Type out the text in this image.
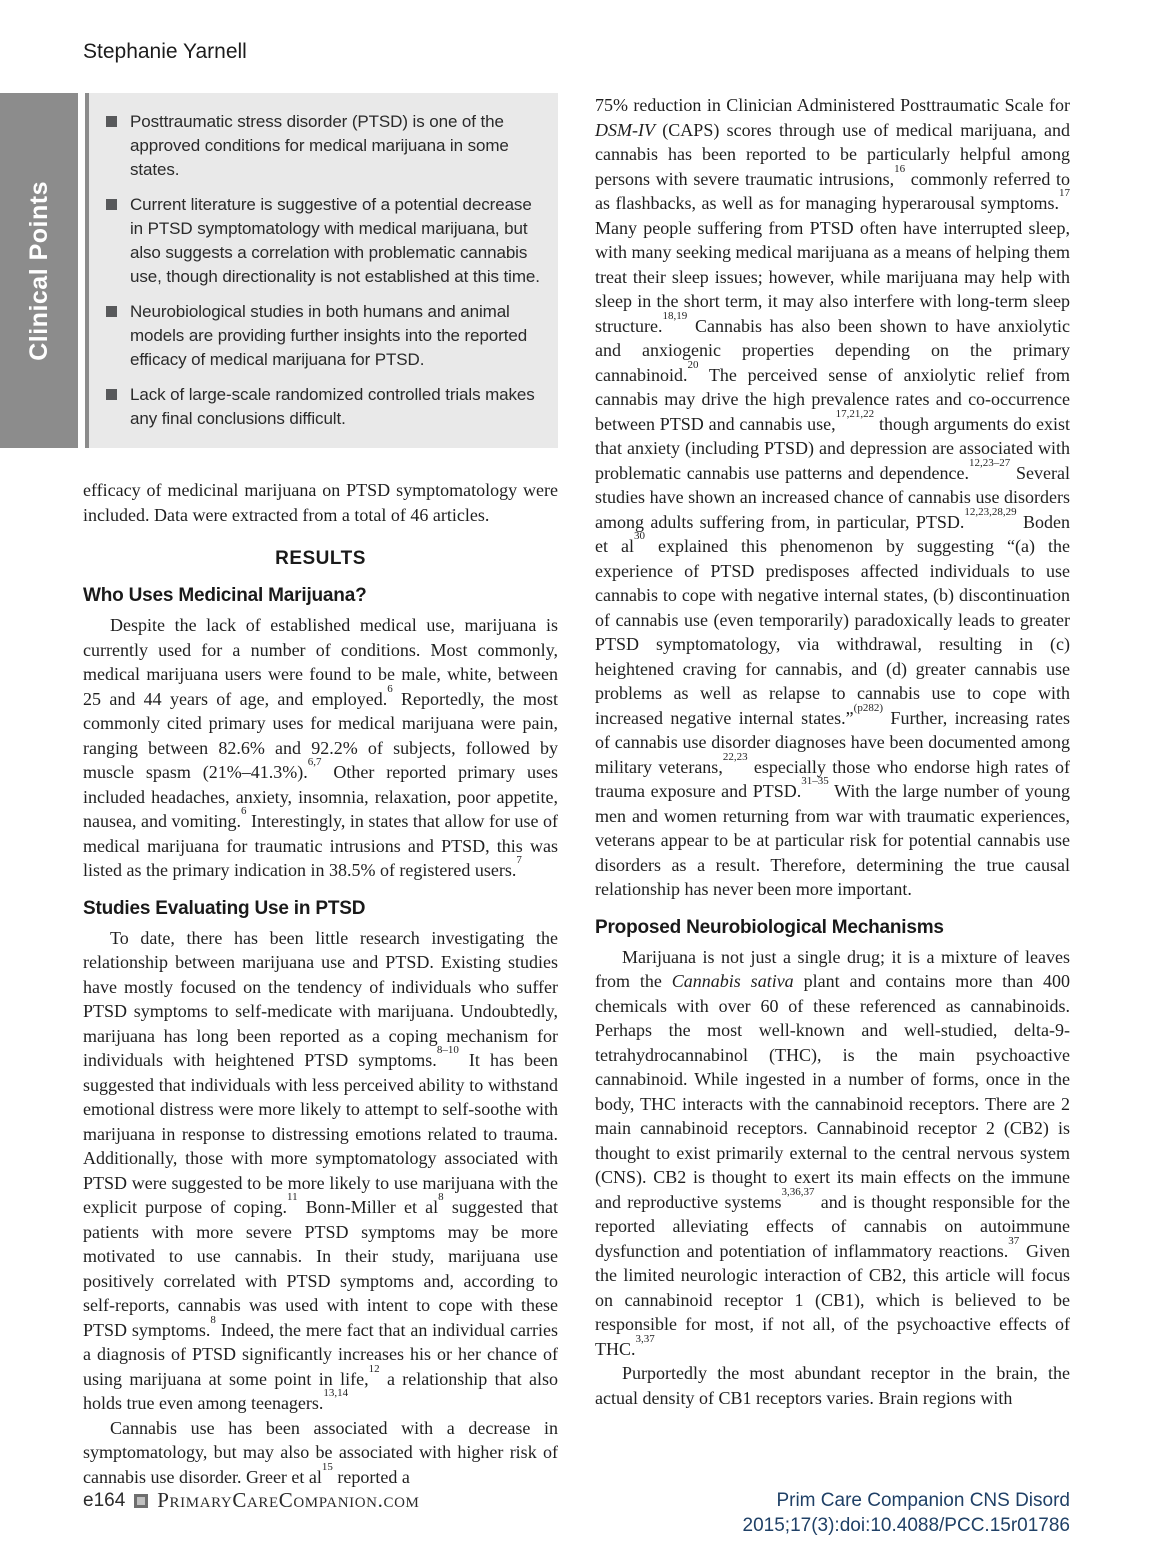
Stephanie Yarnell
Clinical Points
Posttraumatic stress disorder (PTSD) is one of the approved conditions for medical marijuana in some states.
Current literature is suggestive of a potential decrease in PTSD symptomatology with medical marijuana, but also suggests a correlation with problematic cannabis use, though directionality is not established at this time.
Neurobiological studies in both humans and animal models are providing further insights into the reported efficacy of medical marijuana for PTSD.
Lack of large-scale randomized controlled trials makes any final conclusions difficult.

efficacy of medicinal marijuana on PTSD symptomatology were included. Data were extracted from a total of 46 articles.

RESULTS
Who Uses Medicinal Marijuana?

Despite the lack of established medical use, marijuana is currently used for a number of conditions. Most commonly, medical marijuana users were found to be male, white, between 25 and 44 years of age, and employed.$^6$ Reportedly, the most commonly cited primary uses for medical marijuana were pain, ranging between 82.6% and 92.2% of subjects, followed by muscle spasm (21%–41.3%).$^{6,7}$ Other reported primary uses included headaches, anxiety, insomnia, relaxation, poor appetite, nausea, and vomiting.$^6$ Interestingly, in states that allow for use of medical marijuana for traumatic intrusions and PTSD, this was listed as the primary indication in 38.5% of registered users.$^7$

Studies Evaluating Use in PTSD

To date, there has been little research investigating the relationship between marijuana use and PTSD. Existing studies have mostly focused on the tendency of individuals who suffer PTSD symptoms to self-medicate with marijuana. Undoubtedly, marijuana has long been reported as a coping mechanism for individuals with heightened PTSD symptoms.$^{8-10}$ It has been suggested that individuals with less perceived ability to withstand emotional distress were more likely to attempt to self-soothe with marijuana in response to distressing emotions related to trauma. Additionally, those with more symptomatology associated with PTSD were suggested to be more likely to use marijuana with the explicit purpose of coping.$^{11}$ Bonn-Miller et $al^8$ suggested that patients with more severe PTSD symptoms may be more motivated to use cannabis. In their study, marijuana use positively correlated with PTSD symptoms and, according to self-reports, cannabis was used with intent to cope with these PTSD symptoms.$^8$ Indeed, the mere fact that an individual carries a diagnosis of PTSD significantly increases his or her chance of using marijuana at some point in life,$^{12}$ a relationship that also holds true even among teenagers.$^{13,14}$

Cannabis use has been associated with a decrease in symptomatology, but may also be associated with higher risk of cannabis use disorder. Greer et $al^{15}$ reported a

75% reduction in Clinician Administered Posttraumatic Scale for DSM-IV (CAPS) scores through use of medical marijuana, and cannabis has been reported to be particularly helpful among persons with severe traumatic intrusions,$^{16}$ commonly referred to as flashbacks, as well as for managing hyperarousal symptoms.$^{17}$ Many people suffering from PTSD often have interrupted sleep, with many seeking medical marijuana as a means of helping them treat their sleep issues; however, while marijuana may help with sleep in the short term, it may also interfere with long-term sleep structure.$^{18,19}$ Cannabis has also been shown to have anxiolytic and anxiogenic properties depending on the primary cannabinoid.$^{20}$ The perceived sense of anxiolytic relief from cannabis may drive the high prevalence rates and co-occurrence between PTSD and cannabis use,$^{17,21,22}$ though arguments do exist that anxiety (including PTSD) and depression are associated with problematic cannabis use patterns and dependence.$^{12,23-27}$ Several studies have shown an increased chance of cannabis use disorders among adults suffering from, in particular, PTSD.$^{12,23,28,29}$ Boden et $al^{30}$ explained this phenomenon by suggesting “(a) the experience of PTSD predisposes affected individuals to use cannabis to cope with negative internal states, (b) discontinuation of cannabis use (even temporarily) paradoxically leads to greater PTSD symptomatology, via withdrawal, resulting in (c) heightened craving for cannabis, and (d) greater cannabis use problems as well as relapse to cannabis use to cope with increased negative internal states.”$^{(p282)}$ Further, increasing rates of cannabis use disorder diagnoses have been documented among military veterans,$^{22,23}$ especially those who endorse high rates of trauma exposure and PTSD.$^{31-35}$ With the large number of young men and women returning from war with traumatic experiences, veterans appear to be at particular risk for potential cannabis use disorders as a result. Therefore, determining the true causal relationship has never been more important.

Proposed Neurobiological Mechanisms

Marijuana is not just a single drug; it is a mixture of leaves from the Cannabis sativa plant and contains more than 400 chemicals with over 60 of these referenced as cannabinoids. Perhaps the most well-known and well-studied, delta-9-tetrahydrocannabinol (THC), is the main psychoactive cannabinoid. While ingested in a number of forms, once in the body, THC interacts with the cannabinoid receptors. There are 2 main cannabinoid receptors. Cannabinoid receptor 2 (CB2) is thought to exist primarily external to the central nervous system (CNS). CB2 is thought to exert its main effects on the immune and reproductive systems$^{3,36,37}$ and is thought responsible for the reported alleviating effects of cannabis on autoimmune dysfunction and potentiation of inflammatory reactions.$^{37}$ Given the limited neurologic interaction of CB2, this article will focus on cannabinoid receptor 1 (CB1), which is believed to be responsible for most, if not all, of the psychoactive effects of THC.$^{3,37}$

Purportedly the most abundant receptor in the brain, the actual density of CB1 receptors varies. Brain regions with

e164 PrimaryCareCompanion.com	Prim Care Companion CNS Disord
2015;17(3):doi:10.4088/PCC.15r01786
